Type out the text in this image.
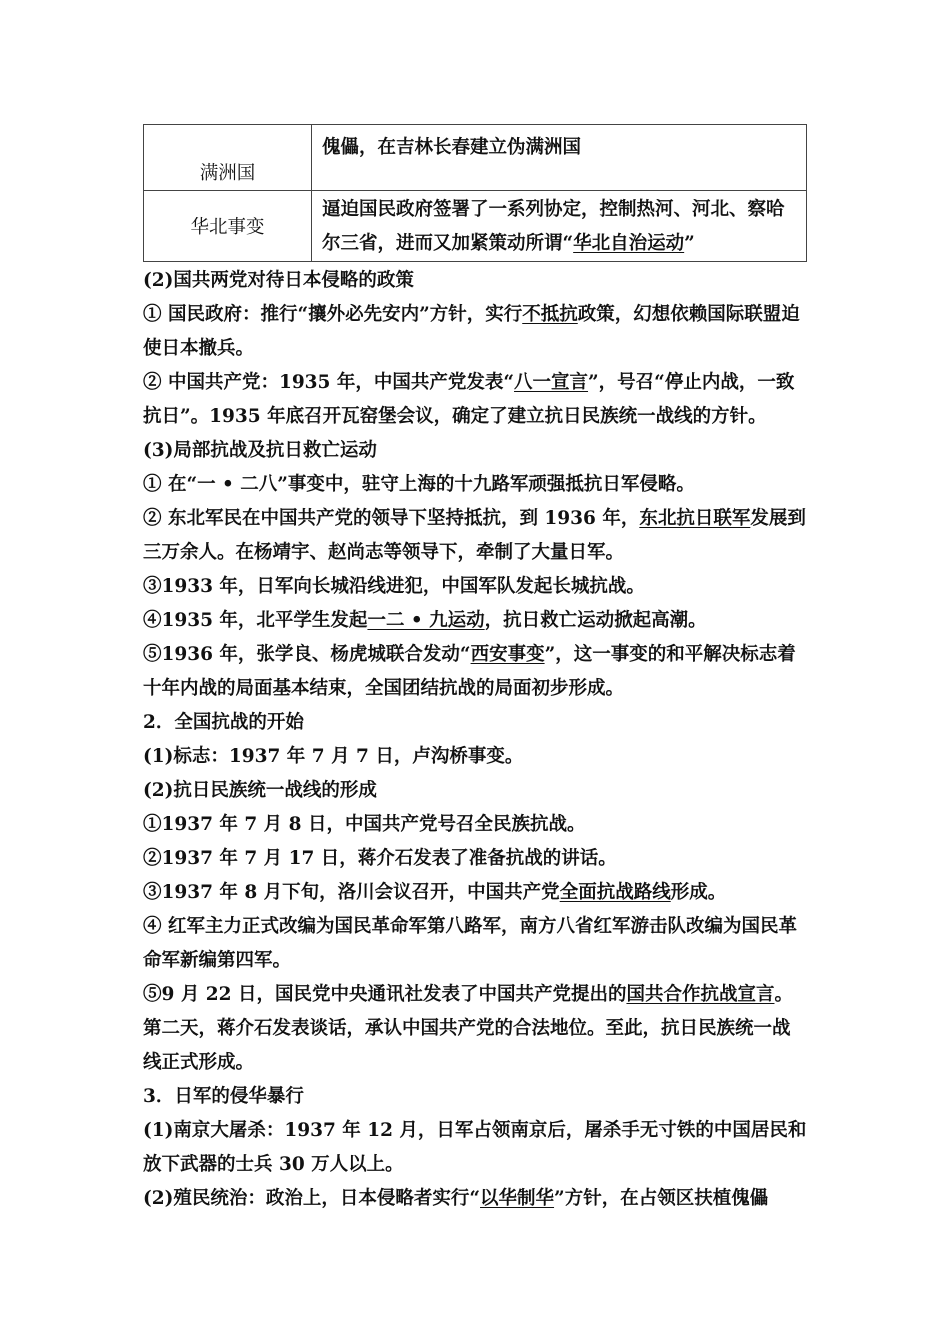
满洲国	傀儡，在吉林长春建立伪满洲国
华北事变	逼迫国民政府签署了一系列协定，控制热河、河北、察哈尔三省，进而又加紧策动所谓“华北自治运动”

(2)国共两党对待日本侵略的政策

① 国民政府：推行“攘外必先安内”方针，实行不抵抗政策，幻想依赖国际联盟迫使日本撤兵。

② 中国共产党：1935 年，中国共产党发表“八一宣言”，号召“停止内战，一致抗日”。1935 年底召开瓦窑堡会议，确定了建立抗日民族统一战线的方针。

(3)局部抗战及抗日救亡运动

① 在“一 • 二八”事变中，驻守上海的十九路军顽强抵抗日军侵略。

② 东北军民在中国共产党的领导下坚持抵抗，到 1936 年，东北抗日联军发展到三万余人。在杨靖宇、赵尚志等领导下，牵制了大量日军。

③1933 年，日军向长城沿线进犯，中国军队发起长城抗战。

④1935 年，北平学生发起一二 • 九运动，抗日救亡运动掀起高潮。

⑤1936 年，张学良、杨虎城联合发动“西安事变”，这一事变的和平解决标志着十年内战的局面基本结束，全国团结抗战的局面初步形成。

2．全国抗战的开始

(1)标志：1937 年 7 月 7 日，卢沟桥事变。

(2)抗日民族统一战线的形成

①1937 年 7 月 8 日，中国共产党号召全民族抗战。

②1937 年 7 月 17 日，蒋介石发表了准备抗战的讲话。

③1937 年 8 月下旬，洛川会议召开，中国共产党全面抗战路线形成。

④ 红军主力正式改编为国民革命军第八路军，南方八省红军游击队改编为国民革命军新编第四军。

⑤9 月 22 日，国民党中央通讯社发表了中国共产党提出的国共合作抗战宣言。第二天，蒋介石发表谈话，承认中国共产党的合法地位。至此，抗日民族统一战线正式形成。

3．日军的侵华暴行

(1)南京大屠杀：1937 年 12 月，日军占领南京后，屠杀手无寸铁的中国居民和放下武器的士兵 30 万人以上。

(2)殖民统治：政治上，日本侵略者实行“以华制华”方针，在占领区扶植傀儡
